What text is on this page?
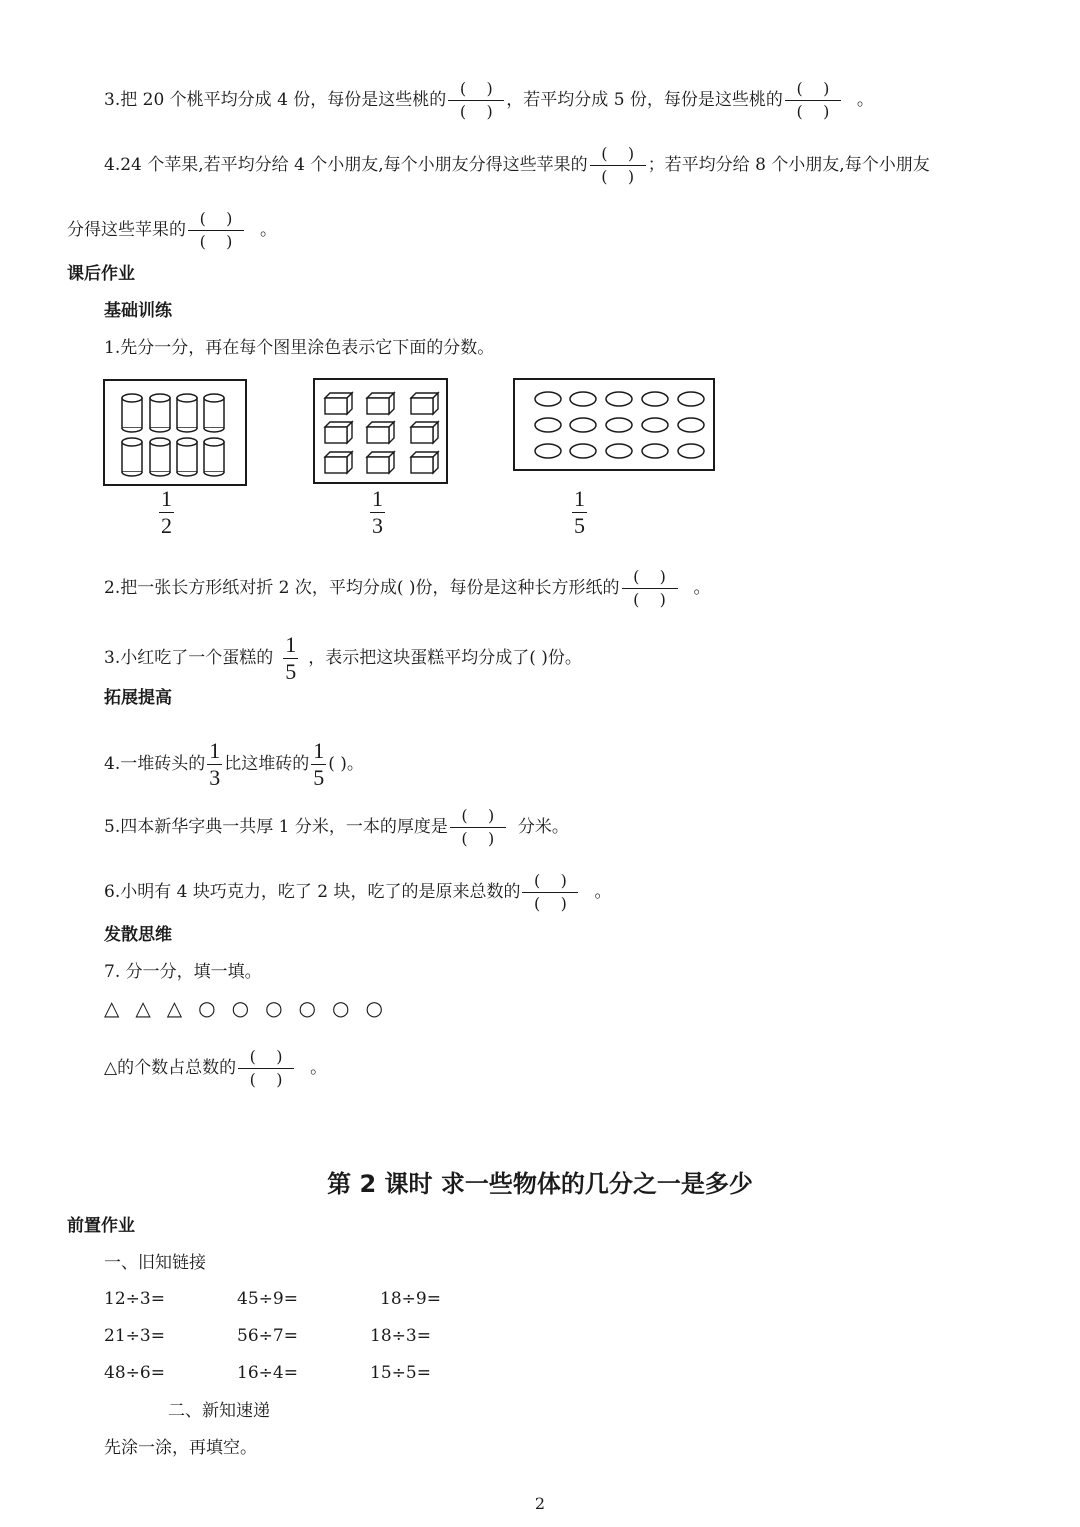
3.把 20 个桃平均分成 4 份，每份是这些桃的 $\frac{( )}{( )}$ ，若平均分成 5 份，每份是这些桃的 $\frac{( )}{( )}$ 。
4.24 个苹果,若平均分给 4 个小朋友,每个小朋友分得这些苹果的 $\frac{( )}{( )}$ ；若平均分给 8 个小朋友,每个小朋友
分得这些苹果的 $\frac{( )}{( )}$ 。
课后作业
基础训练
1.先分一分，再在每个图里涂色表示它下面的分数。
$\frac{1}{2}$	$\frac{1}{3}$	$\frac{1}{5}$
2.把一张长方形纸对折 2 次，平均分成( )份，每份是这种长方形纸的 $\frac{( )}{( )}$ 。
3.小红吃了一个蛋糕的 $\frac{1}{5}$ ，表示把这块蛋糕平均分成了( )份。
拓展提高
4.一堆砖头的 $\frac{1}{3}$ 比这堆砖的 $\frac{1}{5}$ ( )。
5.四本新华字典一共厚 1 分米，一本的厚度是 $\frac{( )}{( )}$ 分米。
6.小明有 4 块巧克力，吃了 2 块，吃了的是原来总数的 $\frac{( )}{( )}$ 。
发散思维
7. 分一分，填一填。
△ △ △ ○ ○ ○ ○ ○ ○
△的个数占总数的 $\frac{( )}{( )}$ 。
第 2 课时 求一些物体的几分之一是多少
前置作业
一、旧知链接
12÷3=	45÷9=	18÷9=
21÷3=	56÷7=	18÷3=
48÷6=	16÷4=	15÷5=
二、新知速递
先涂一涂，再填空。
2
